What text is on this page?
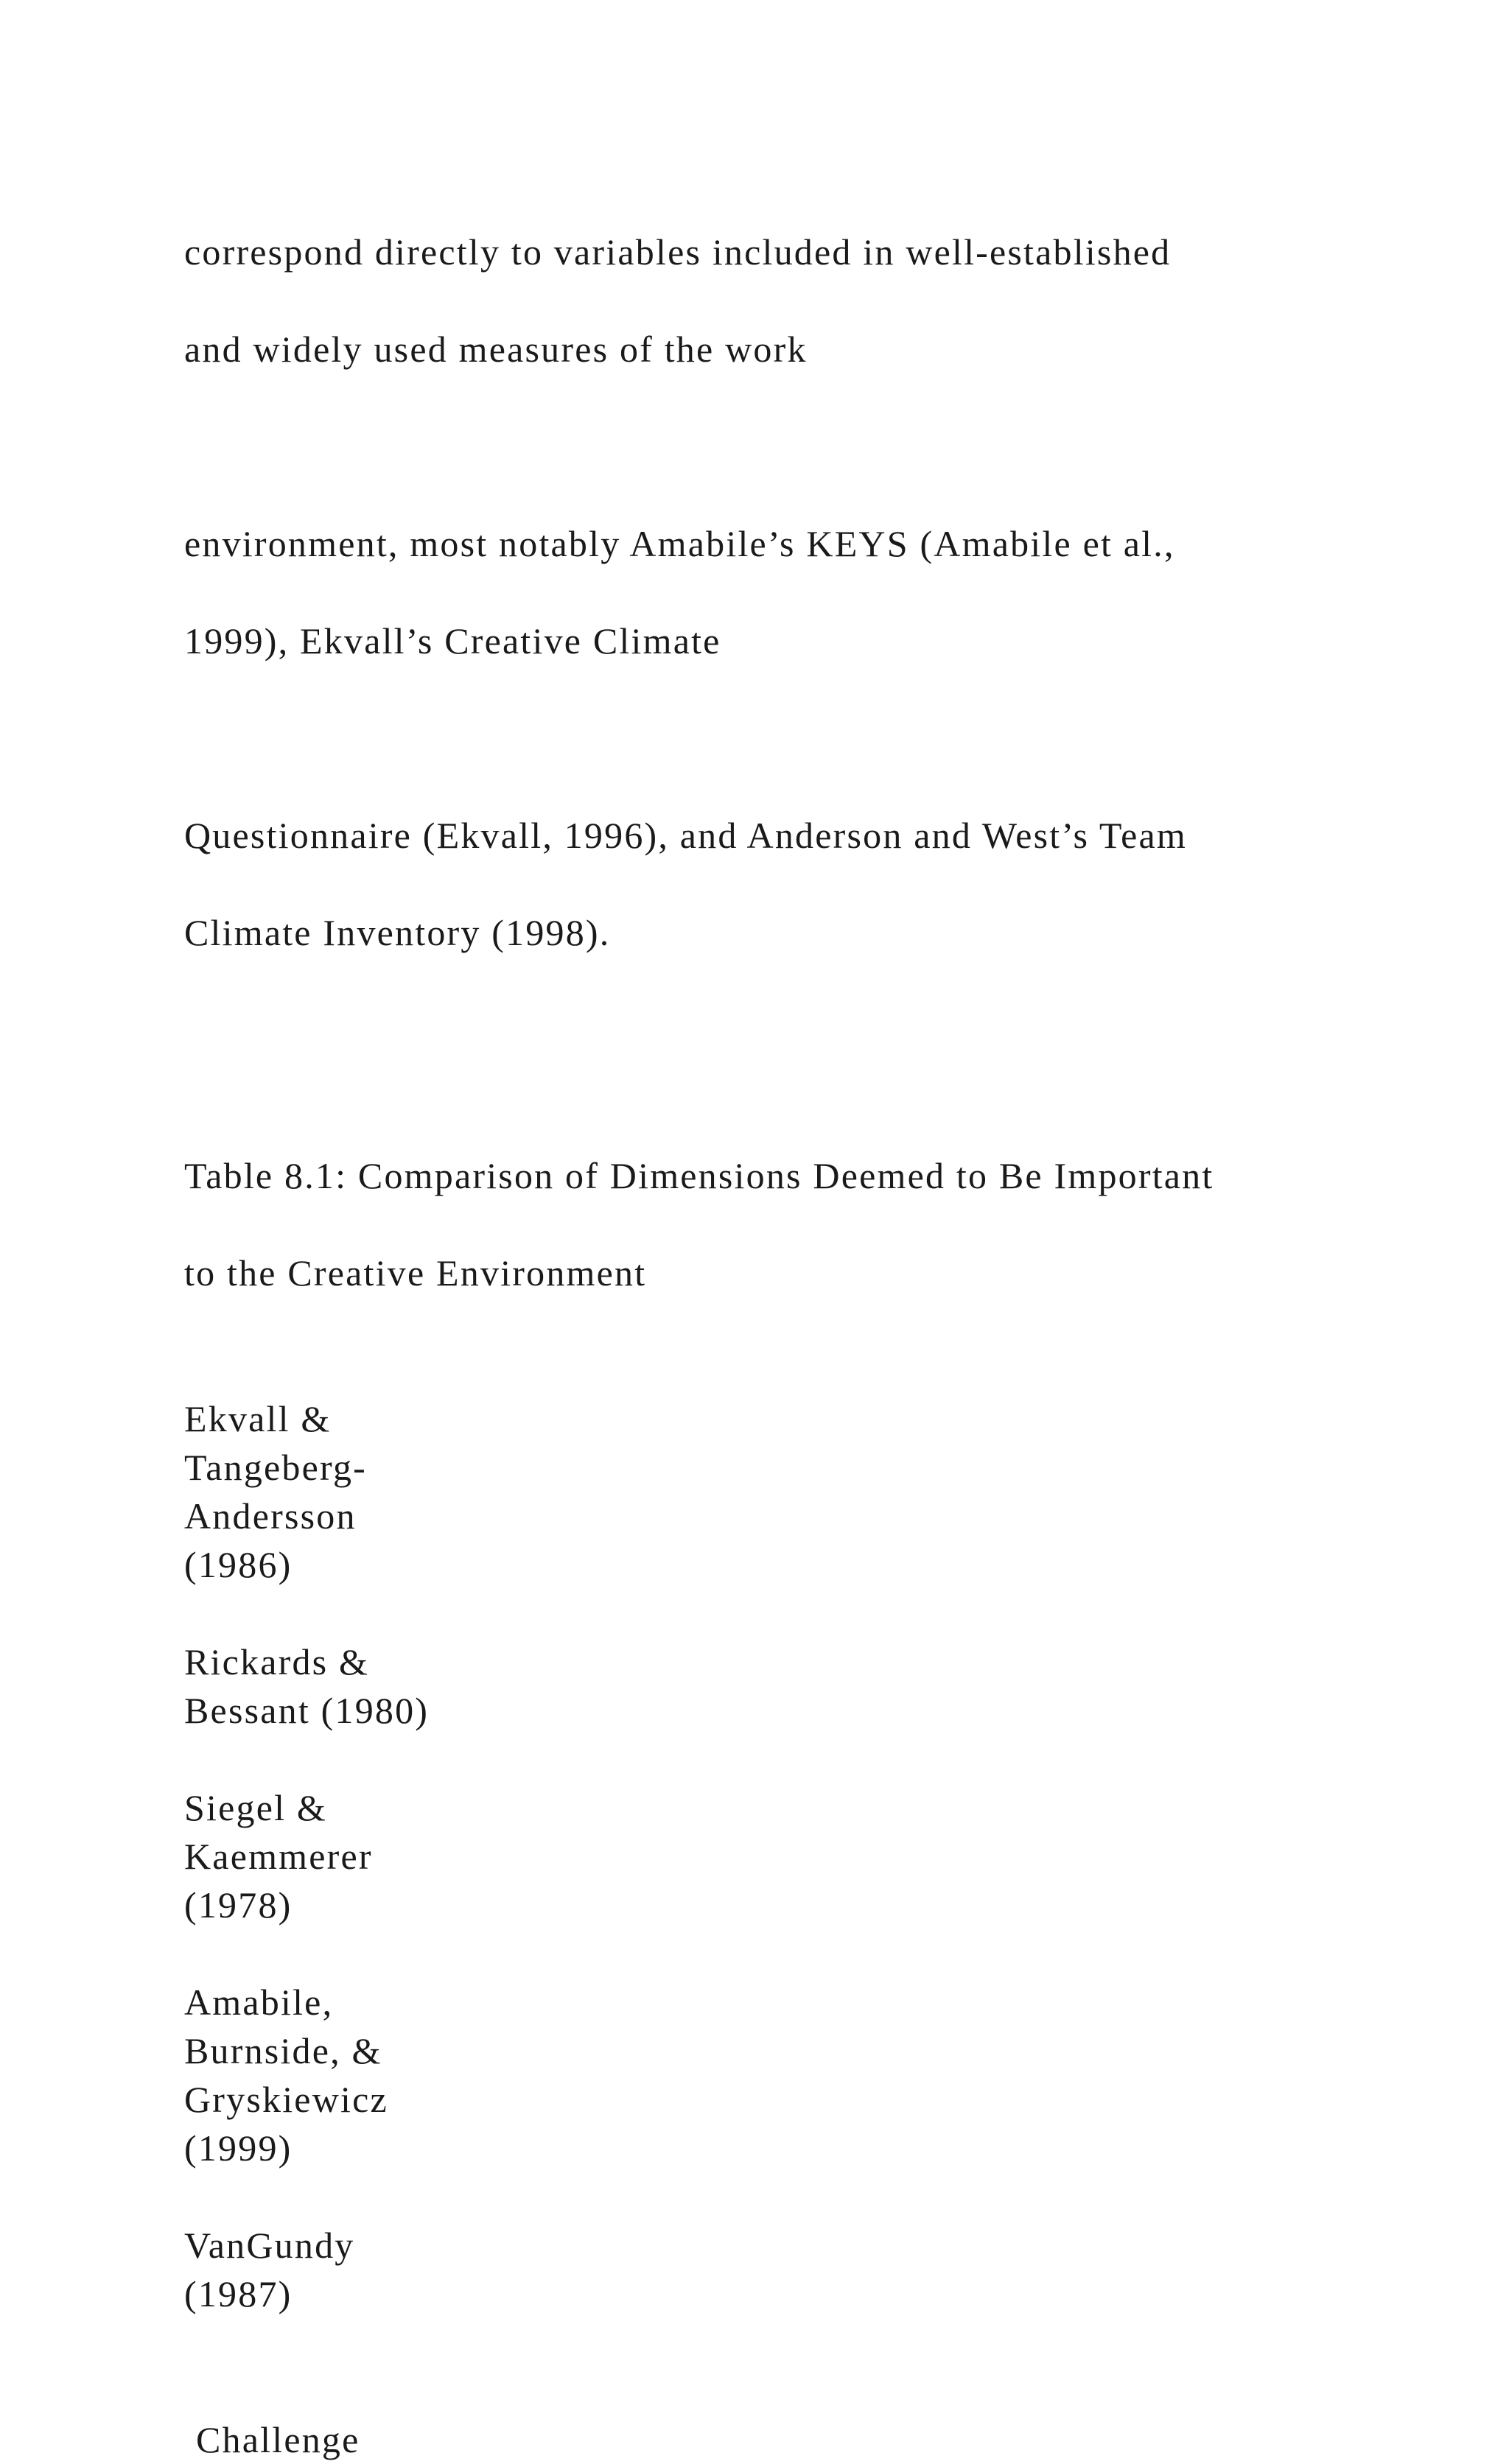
correspond directly to variables included in well-established

and widely used measures of the work

environment, most notably Amabile’s KEYS (Amabile et al.,

1999), Ekvall’s Creative Climate

Questionnaire (Ekvall, 1996), and Anderson and West’s Team

Climate Inventory (1998).

Table 8.1: Comparison of Dimensions Deemed to Be Important

to the Creative Environment

Ekvall &
Tangeberg-
Andersson
(1986)
Rickards &
Bessant (1980)
Siegel &
Kaemmerer
(1978)
Amabile,
Burnside, &
Gryskiewicz
(1999)
VanGundy
(1987)
Challenge
